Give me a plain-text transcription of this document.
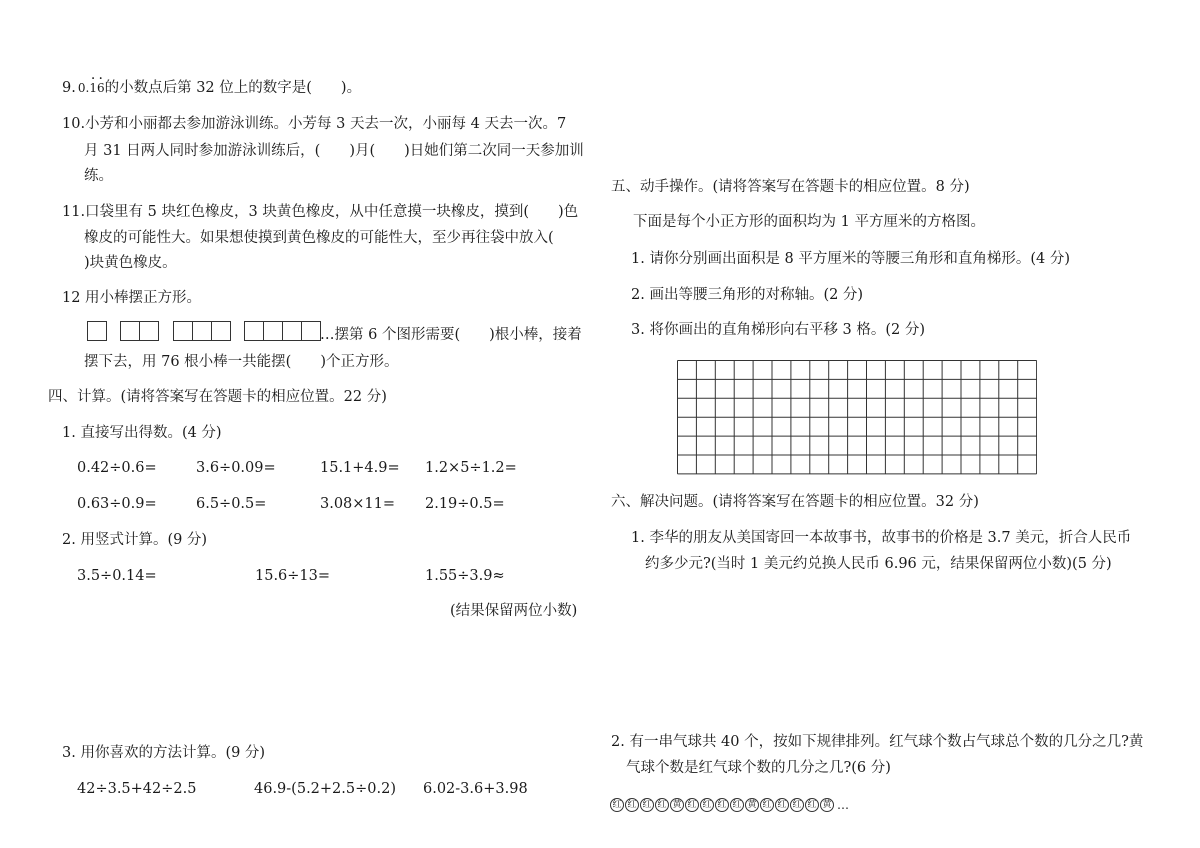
9. 0.1 ·6 ·的小数点后第 32 位上的数字是(　　)。
10.小芳和小丽都去参加游泳训练。小芳每 3 天去一次，小丽每 4 天去一次。7
月 31 日两人同时参加游泳训练后，(　　)月(　　)日她们第二次同一天参加训
练。
11.口袋里有 5 块红色橡皮，3 块黄色橡皮，从中任意摸一块橡皮，摸到(　　)色
橡皮的可能性大。如果想使摸到黄色橡皮的可能性大，至少再往袋中放入(
)块黄色橡皮。
12 用小棒摆正方形。
…摆第 6 个图形需要(　　)根小棒，接着
摆下去，用 76 根小棒一共能摆(　　)个正方形。
四、计算。(请将答案写在答题卡的相应位置。22 分)
1. 直接写出得数。(4 分)
0.42÷0.6=	3.6÷0.09=	15.1+4.9= 1.2×5÷1.2=
0.63÷0.9=	6.5÷0.5=	3.08×11= 2.19÷0.5=
2. 用竖式计算。(9 分)
3.5÷0.14=	15.6÷13=	1.55÷3.9≈
(结果保留两位小数)
3. 用你喜欢的方法计算。(9 分)
42÷3.5+42÷2.5	46.9-(5.2+2.5÷0.2) 6.02-3.6+3.98
五、动手操作。(请将答案写在答题卡的相应位置。8 分)
下面是每个小正方形的面积均为 1 平方厘米的方格图。
1. 请你分别画出面积是 8 平方厘米的等腰三角形和直角梯形。(4 分)
2. 画出等腰三角形的对称轴。(2 分)
3. 将你画出的直角梯形向右平移 3 格。(2 分)
六、解决问题。(请将答案写在答题卡的相应位置。32 分)
1. 李华的朋友从美国寄回一本故事书，故事书的价格是 3.7 美元，折合人民币
约多少元?(当时 1 美元约兑换人民币 6.96 元，结果保留两位小数)(5 分)
2. 有一串气球共 40 个，按如下规律排列。红气球个数占气球总个数的几分之几?黄
气球个数是红气球个数的几分之几?(6 分)
红 红 红 红 黄 红 红 红 红 黄 红 红 红 红 黄 …
